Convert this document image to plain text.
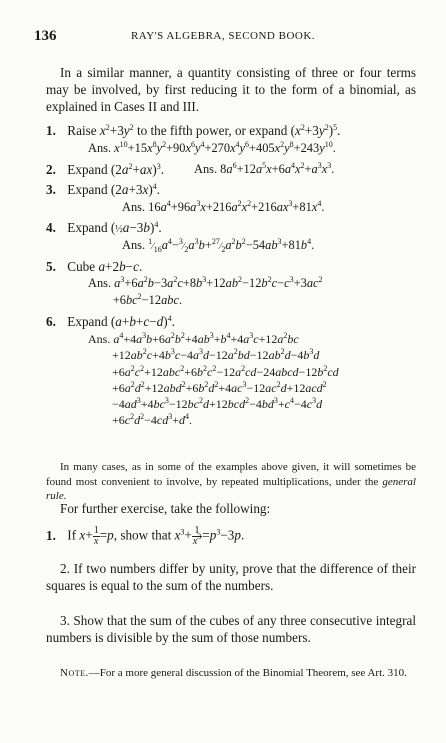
136	RAY'S ALGEBRA, SECOND BOOK.
In a similar manner, a quantity consisting of three or four terms may be involved, by first reducing it to the form of a binomial, as explained in Cases II and III.
1. Raise $x^2+3y^2$ to the fifth power, or expand $(x^2+3y^2)^5$.
Ans. $x^{10}+15x^8y^2+90x^6y^4+270x^4y^6+405x^2y^8+243y^{10}$.
2. Expand $(2a^2+ax)^3$. Ans. $8a^6+12a^5x+6a^4x^2+a^3x^3$.
3. Expand $(2a+3x)^4$.
Ans. $16a^4+96a^3x+216a^2x^2+216ax^3+81x^4$.
4. Expand (½a−3b)$^4$.
Ans. $^1⁄_{16}a^4-^3⁄_2a^3b+^{27}⁄_2a^2b^2-54ab^3+81b^4$.
5. Cube a+2b−c.
Ans. $a^3+6a^2b-3a^2c+8b^3+12ab^2-12b^2c-c^3+3ac^2$
$+6bc^2-12abc$.
6. Expand $(a+b+c-d)^4$.
Ans. $a^4+4a^3b+6a^2b^2+4ab^3+b^4+4a^3c+12a^2bc$
$+12ab^2c+4b^3c-4a^3d-12a^2bd-12ab^2d-4b^3d$
$+6a^2c^2+12abc^2+6b^2c^2-12a^2cd-24abcd-12b^2cd$
$+6a^2d^2+12abd^2+6b^2d^2+4ac^3-12ac^2d+12acd^2$
$-4ad^3+4bc^3-12bc^2d+12bcd^2-4bd^3+c^4-4c^3d$
$+6c^2d^2-4cd^3+d^4$.
In many cases, as in some of the examples above given, it will sometimes be found most convenient to involve, by repeated multiplications, under the general rule.
For further exercise, take the following:
1. If $x+ \frac{1}{x} =p$, show that $x^3+ \frac{1}{x^3} =p^3-3p$.
2. If two numbers differ by unity, prove that the difference of their squares is equal to the sum of the numbers.
3. Show that the sum of the cubes of any three consecutive integral numbers is divisible by the sum of those numbers.
Note.—For a more general discussion of the Binomial Theorem, see Art. 310.
